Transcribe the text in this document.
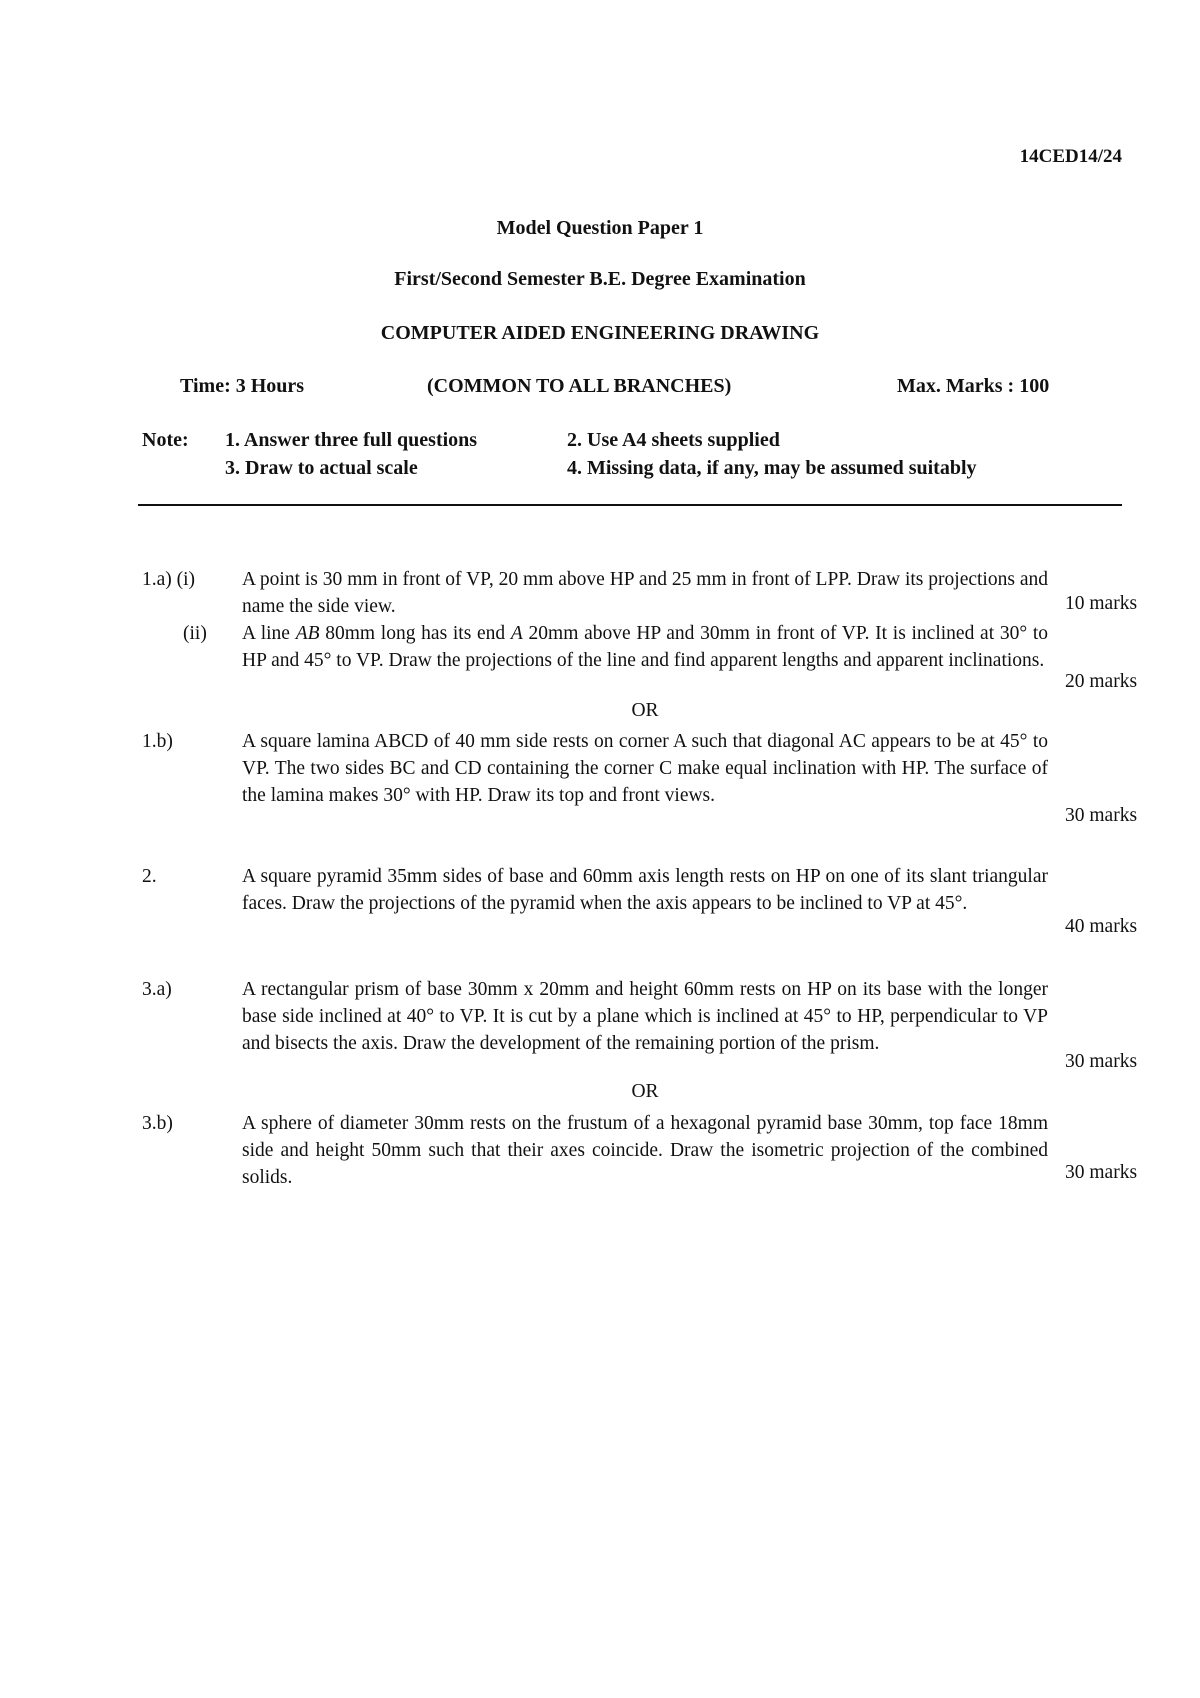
14CED14/24
Model Question Paper 1
First/Second Semester B.E. Degree Examination
COMPUTER AIDED ENGINEERING DRAWING
Time: 3 Hours	(COMMON TO ALL BRANCHES)	Max. Marks : 100
Note: 1. Answer three full questions	2. Use A4 sheets supplied
3. Draw to actual scale	4. Missing data, if any, may be assumed suitably
1.a) (i) A point is 30 mm in front of VP, 20 mm above HP and 25 mm in front of LPP. Draw its projections and name the side view.	10 marks
(ii) A line AB 80mm long has its end A 20mm above HP and 30mm in front of VP. It is inclined at 30° to HP and 45° to VP. Draw the projections of the line and find apparent lengths and apparent inclinations.
20 marks
OR
1.b)	A square lamina ABCD of 40 mm side rests on corner A such that diagonal AC appears to be at 45° to VP. The two sides BC and CD containing the corner C make equal inclination with HP. The surface of the lamina makes 30° with HP. Draw its top and front views.
30 marks
2.	A square pyramid 35mm sides of base and 60mm axis length rests on HP on one of its slant triangular faces. Draw the projections of the pyramid when the axis appears to be inclined to VP at 45°.
40 marks
3.a)	A rectangular prism of base 30mm x 20mm and height 60mm rests on HP on its base with the longer base side inclined at 40° to VP. It is cut by a plane which is inclined at 45° to HP, perpendicular to VP and bisects the axis. Draw the development of the remaining portion of the prism.
30 marks
OR
3.b)	A sphere of diameter 30mm rests on the frustum of a hexagonal pyramid base 30mm, top face 18mm side and height 50mm such that their axes coincide. Draw the isometric projection of the combined solids.	30 marks
